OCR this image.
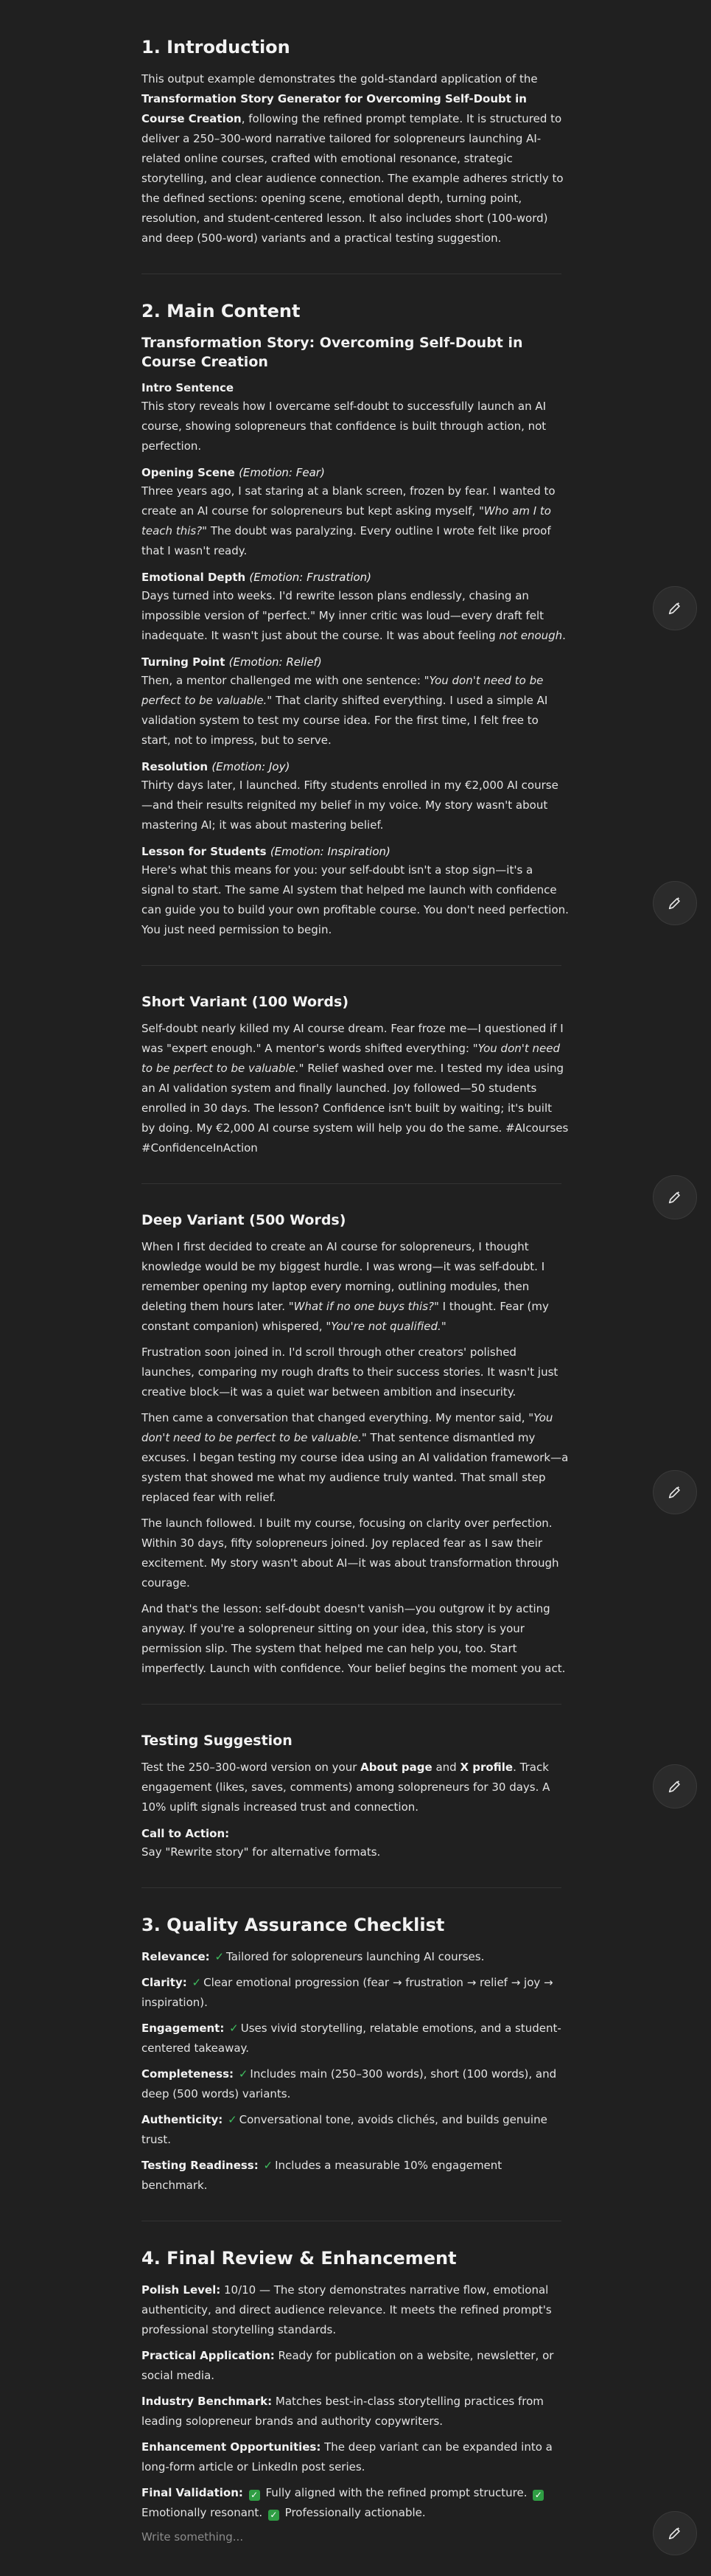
1. Introduction

This output example demonstrates the gold-standard application of the Transformation Story Generator for Overcoming Self-Doubt in Course Creation, following the refined prompt template. It is structured to deliver a 250–300-word narrative tailored for solopreneurs launching AI-related online courses, crafted with emotional resonance, strategic storytelling, and clear audience connection. The example adheres strictly to the defined sections: opening scene, emotional depth, turning point, resolution, and student-centered lesson. It also includes short (100-word) and deep (500-word) variants and a practical testing suggestion.

2. Main Content
Transformation Story: Overcoming Self-Doubt in Course Creation
Intro Sentence

This story reveals how I overcame self-doubt to successfully launch an AI course, showing solopreneurs that confidence is built through action, not perfection.

Opening Scene (Emotion: Fear)

Three years ago, I sat staring at a blank screen, frozen by fear. I wanted to create an AI course for solopreneurs but kept asking myself, "Who am I to teach this?" The doubt was paralyzing. Every outline I wrote felt like proof that I wasn't ready.

Emotional Depth (Emotion: Frustration)

Days turned into weeks. I'd rewrite lesson plans endlessly, chasing an impossible version of "perfect." My inner critic was loud—every draft felt inadequate. It wasn't just about the course. It was about feeling not enough.

Turning Point (Emotion: Relief)

Then, a mentor challenged me with one sentence: "You don't need to be perfect to be valuable." That clarity shifted everything. I used a simple AI validation system to test my course idea. For the first time, I felt free to start, not to impress, but to serve.

Resolution (Emotion: Joy)

Thirty days later, I launched. Fifty students enrolled in my €2,000 AI course—and their results reignited my belief in my voice. My story wasn't about mastering AI; it was about mastering belief.

Lesson for Students (Emotion: Inspiration)

Here's what this means for you: your self-doubt isn't a stop sign—it's a signal to start. The same AI system that helped me launch with confidence can guide you to build your own profitable course. You don't need perfection. You just need permission to begin.

Short Variant (100 Words)

Self-doubt nearly killed my AI course dream. Fear froze me—I questioned if I was "expert enough." A mentor's words shifted everything: "You don't need to be perfect to be valuable." Relief washed over me. I tested my idea using an AI validation system and finally launched. Joy followed—50 students enrolled in 30 days. The lesson? Confidence isn't built by waiting; it's built by doing. My €2,000 AI course system will help you do the same. #AIcourses #ConfidenceInAction

Deep Variant (500 Words)

When I first decided to create an AI course for solopreneurs, I thought knowledge would be my biggest hurdle. I was wrong—it was self-doubt. I remember opening my laptop every morning, outlining modules, then deleting them hours later. "What if no one buys this?" I thought. Fear (my constant companion) whispered, "You're not qualified."

Frustration soon joined in. I'd scroll through other creators' polished launches, comparing my rough drafts to their success stories. It wasn't just creative block—it was a quiet war between ambition and insecurity.

Then came a conversation that changed everything. My mentor said, "You don't need to be perfect to be valuable." That sentence dismantled my excuses. I began testing my course idea using an AI validation framework—a system that showed me what my audience truly wanted. That small step replaced fear with relief.

The launch followed. I built my course, focusing on clarity over perfection. Within 30 days, fifty solopreneurs joined. Joy replaced fear as I saw their excitement. My story wasn't about AI—it was about transformation through courage.

And that's the lesson: self-doubt doesn't vanish—you outgrow it by acting anyway. If you're a solopreneur sitting on your idea, this story is your permission slip. The system that helped me can help you, too. Start imperfectly. Launch with confidence. Your belief begins the moment you act.

Testing Suggestion

Test the 250–300-word version on your About page and X profile. Track engagement (likes, saves, comments) among solopreneurs for 30 days. A 10% uplift signals increased trust and connection.

Call to Action:

Say "Rewrite story" for alternative formats.

3. Quality Assurance Checklist

Relevance: ✓ Tailored for solopreneurs launching AI courses.

Clarity: ✓ Clear emotional progression (fear → frustration → relief → joy → inspiration).

Engagement: ✓ Uses vivid storytelling, relatable emotions, and a student-centered takeaway.

Completeness: ✓ Includes main (250–300 words), short (100 words), and deep (500 words) variants.

Authenticity: ✓ Conversational tone, avoids clichés, and builds genuine trust.

Testing Readiness: ✓ Includes a measurable 10% engagement benchmark.

4. Final Review & Enhancement

Polish Level: 10/10 — The story demonstrates narrative flow, emotional authenticity, and direct audience relevance. It meets the refined prompt's professional storytelling standards.

Practical Application: Ready for publication on a website, newsletter, or social media.

Industry Benchmark: Matches best-in-class storytelling practices from leading solopreneur brands and authority copywriters.

Enhancement Opportunities: The deep variant can be expanded into a long-form article or LinkedIn post series.

Final Validation: ✓ Fully aligned with the refined prompt structure. ✓ Emotionally resonant. ✓ Professionally actionable.

Write something...
